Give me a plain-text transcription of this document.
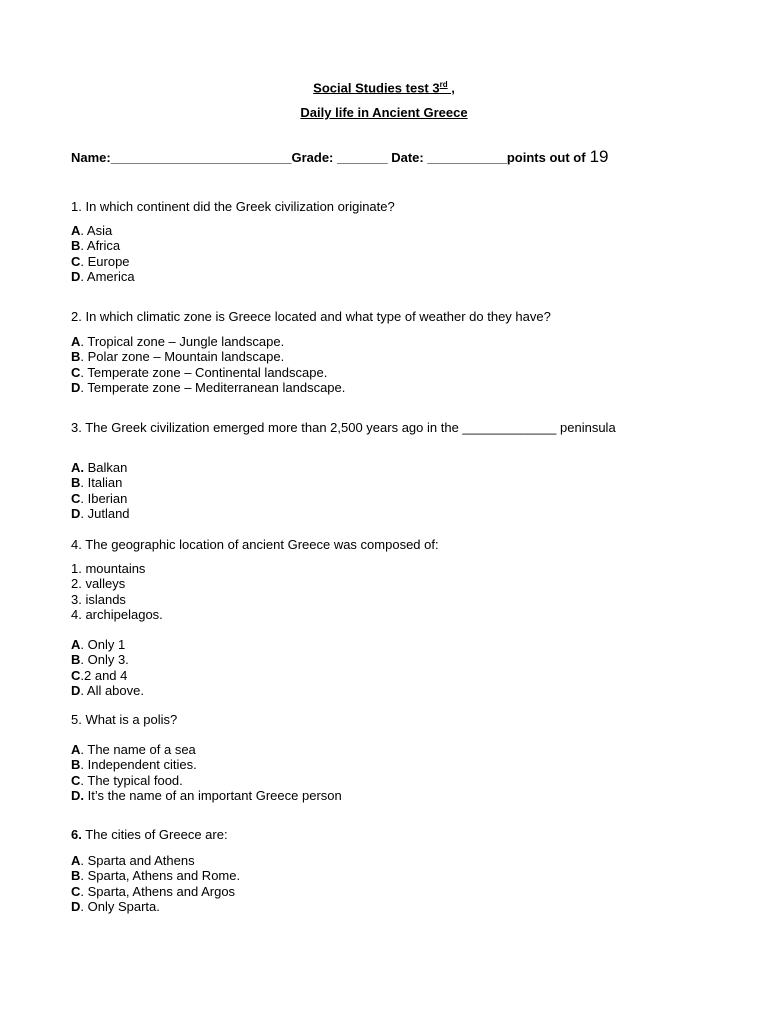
Social Studies test 3rd ,
Daily life in Ancient Greece
Name:_________________________Grade: _______ Date: ___________points out of 19
1. In which continent did the Greek civilization originate?
A. Asia
B. Africa
C. Europe
D. America
2. In which climatic zone is Greece located and what type of weather do they have?
A. Tropical zone – Jungle landscape.
B. Polar zone – Mountain landscape.
C. Temperate zone – Continental landscape.
D. Temperate zone – Mediterranean landscape.
3. The Greek civilization emerged more than 2,500 years ago in the _____________ peninsula
A. Balkan
B. Italian
C. Iberian
D. Jutland
4. The geographic location of ancient Greece was composed of:
1. mountains
2. valleys
3. islands
4. archipelagos.
A. Only 1
B. Only 3.
C.2 and 4
D. All above.
5. What is a polis?
A. The name of a sea
B. Independent cities.
C. The typical food.
D. It’s the name of an important Greece person
6. The cities of Greece are:
A. Sparta and Athens
B. Sparta, Athens and Rome.
C. Sparta, Athens and Argos
D. Only Sparta.
